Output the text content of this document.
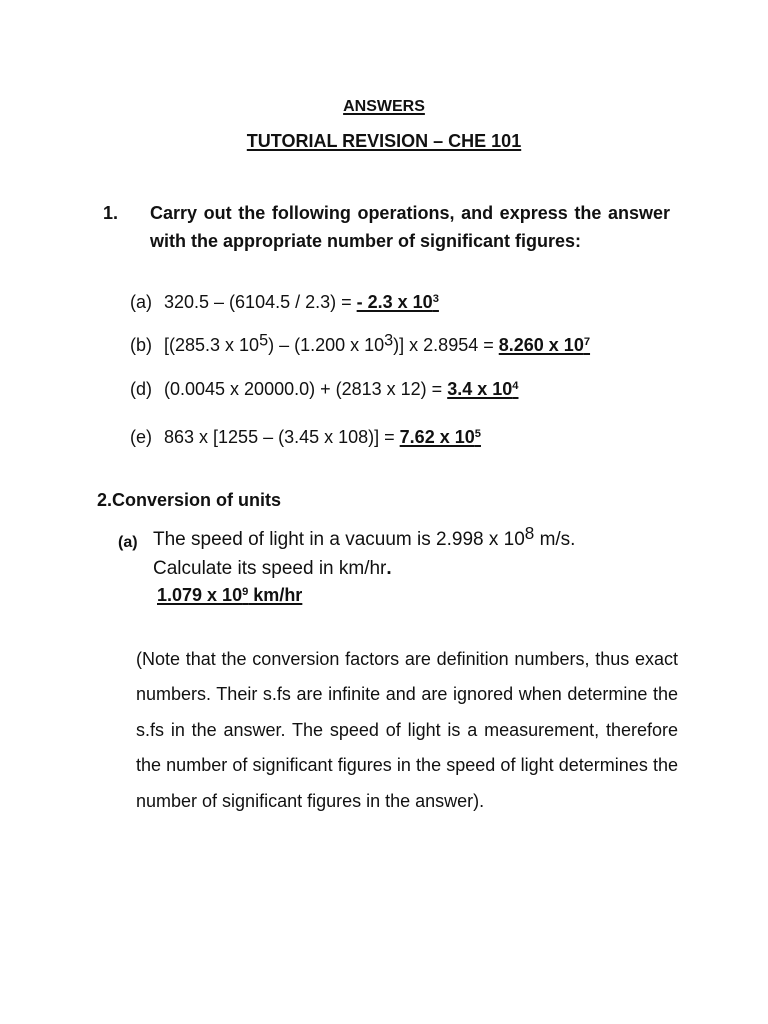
ANSWERS
TUTORIAL REVISION – CHE 101
1. Carry out the following operations, and express the answer with the appropriate number of significant figures:
(a) 320.5 – (6104.5 / 2.3) = - 2.3 x $10^3$
(b) [(285.3 x $10^5) - (1.200$ x $10^3$)] x 2.8954 = 8.260 x $10^7$
(d) (0.0045 x 20000.0) + (2813 x 12) = 3.4 x $10^4$
(e) 863 x [1255 – (3.45 x 108)] = 7.62 x $10^5$
2.Conversion of units
(a) The speed of light in a vacuum is 2.998 x $10^8$ m/s.
Calculate its speed in km/hr.
1.079 x $10^9$ km/hr
(Note that the conversion factors are definition numbers, thus exact numbers. Their s.fs are infinite and are ignored when determine the s.fs in the answer. The speed of light is a measurement, therefore the number of significant figures in the speed of light determines the number of significant figures in the answer).
